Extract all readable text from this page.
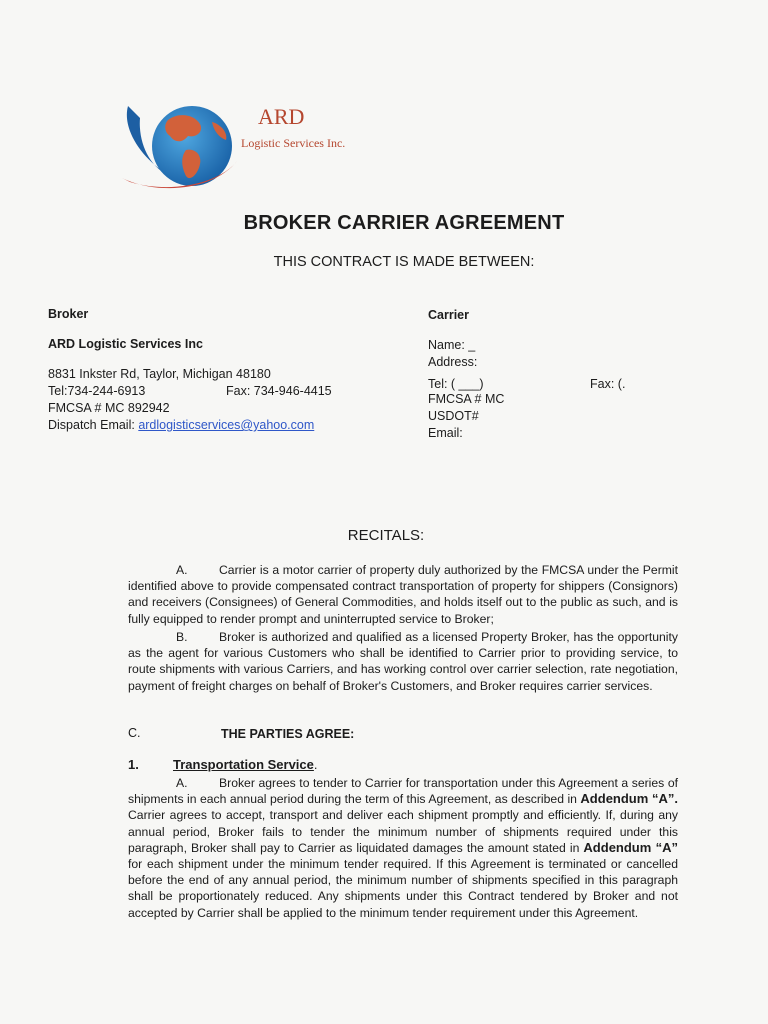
ARD
Logistic Services Inc.
BROKER CARRIER AGREEMENT
THIS CONTRACT IS MADE BETWEEN:
Broker
ARD Logistic Services Inc
8831 Inkster Rd, Taylor, Michigan 48180
Tel:734-244-6913	Fax: 734-946-4415
FMCSA # MC 892942
Dispatch Email: ardlogisticservices@yahoo.com
Carrier
Name: _
Address:
Tel: ( ___)	Fax: (.
FMCSA # MC
USDOT#
Email:
RECITALS:
A.	Carrier is a motor carrier of property duly authorized by the FMCSA under the Permit identified above to provide compensated contract transportation of property for shippers (Consignors) and receivers (Consignees) of General Commodities, and holds itself out to the public as such, and is fully equipped to render prompt and uninterrupted service to Broker;
B.	Broker is authorized and qualified as a licensed Property Broker, has the opportunity as the agent for various Customers who shall be identified to Carrier prior to providing service, to route shipments with various Carriers, and has working control over carrier selection, rate negotiation, payment of freight charges on behalf of Broker's Customers, and Broker requires carrier services.
C.	THE PARTIES AGREE:
1.	Transportation Service.
A.	Broker agrees to tender to Carrier for transportation under this Agreement a series of shipments in each annual period during the term of this Agreement, as described in Addendum “A”. Carrier agrees to accept, transport and deliver each shipment promptly and efficiently. If, during any annual period, Broker fails to tender the minimum number of shipments required under this paragraph, Broker shall pay to Carrier as liquidated damages the amount stated in Addendum “A” for each shipment under the minimum tender required. If this Agreement is terminated or cancelled before the end of any annual period, the minimum number of shipments specified in this paragraph shall be proportionately reduced. Any shipments under this Contract tendered by Broker and not accepted by Carrier shall be applied to the minimum tender requirement under this Agreement.
